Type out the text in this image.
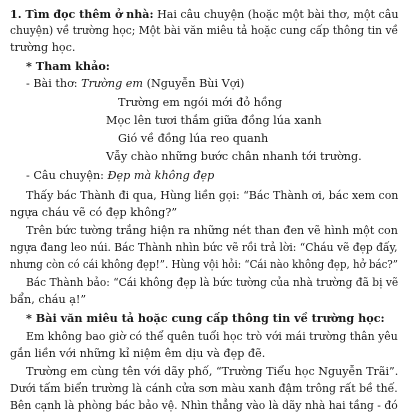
1. Tìm đọc thêm ở nhà: Hai câu chuyện (hoặc một bài thơ, một câu
chuyện) về trường học; Một bài văn miêu tả hoặc cung cấp thông tin về
trường học.
* Tham khảo:
- Bài thơ: Trường em (Nguyễn Bùi Vợi)
Trường em ngói mới đỏ hồng
Mọc lên tươi thắm giữa đồng lúa xanh
Gió về đồng lúa reo quanh
Vẫy chào những bước chân nhanh tới trường.
- Câu chuyện: Đẹp mà không đẹp
Thấy bác Thành đi qua, Hùng liền gọi: “Bác Thành ơi, bác xem con
ngựa cháu vẽ có đẹp không?”
Trên bức tường trắng hiện ra những nét than đen vẽ hình một con
ngựa đang leo núi. Bác Thành nhìn bức vẽ rồi trả lời: “Cháu vẽ đẹp đấy,
nhưng còn có cái không đẹp!”. Hùng vội hỏi: “Cái nào không đẹp, hở bác?”
Bác Thành bảo: “Cái không đẹp là bức tường của nhà trường đã bị vẽ
bẩn, cháu ạ!”
* Bài văn miêu tả hoặc cung cấp thông tin về trường học:
Em không bao giờ có thể quên tuổi học trò với mái trường thân yêu
gắn liền với những kỉ niệm êm dịu và đẹp đẽ.
Trường em cùng tên với dãy phố, “Trường Tiểu học Nguyễn Trãi”.
Dưới tấm biển trường là cánh cửa sơn màu xanh đậm trông rất bề thế.
Bên cạnh là phòng bác bảo vệ. Nhìn thẳng vào là dãy nhà hai tầng - đó
